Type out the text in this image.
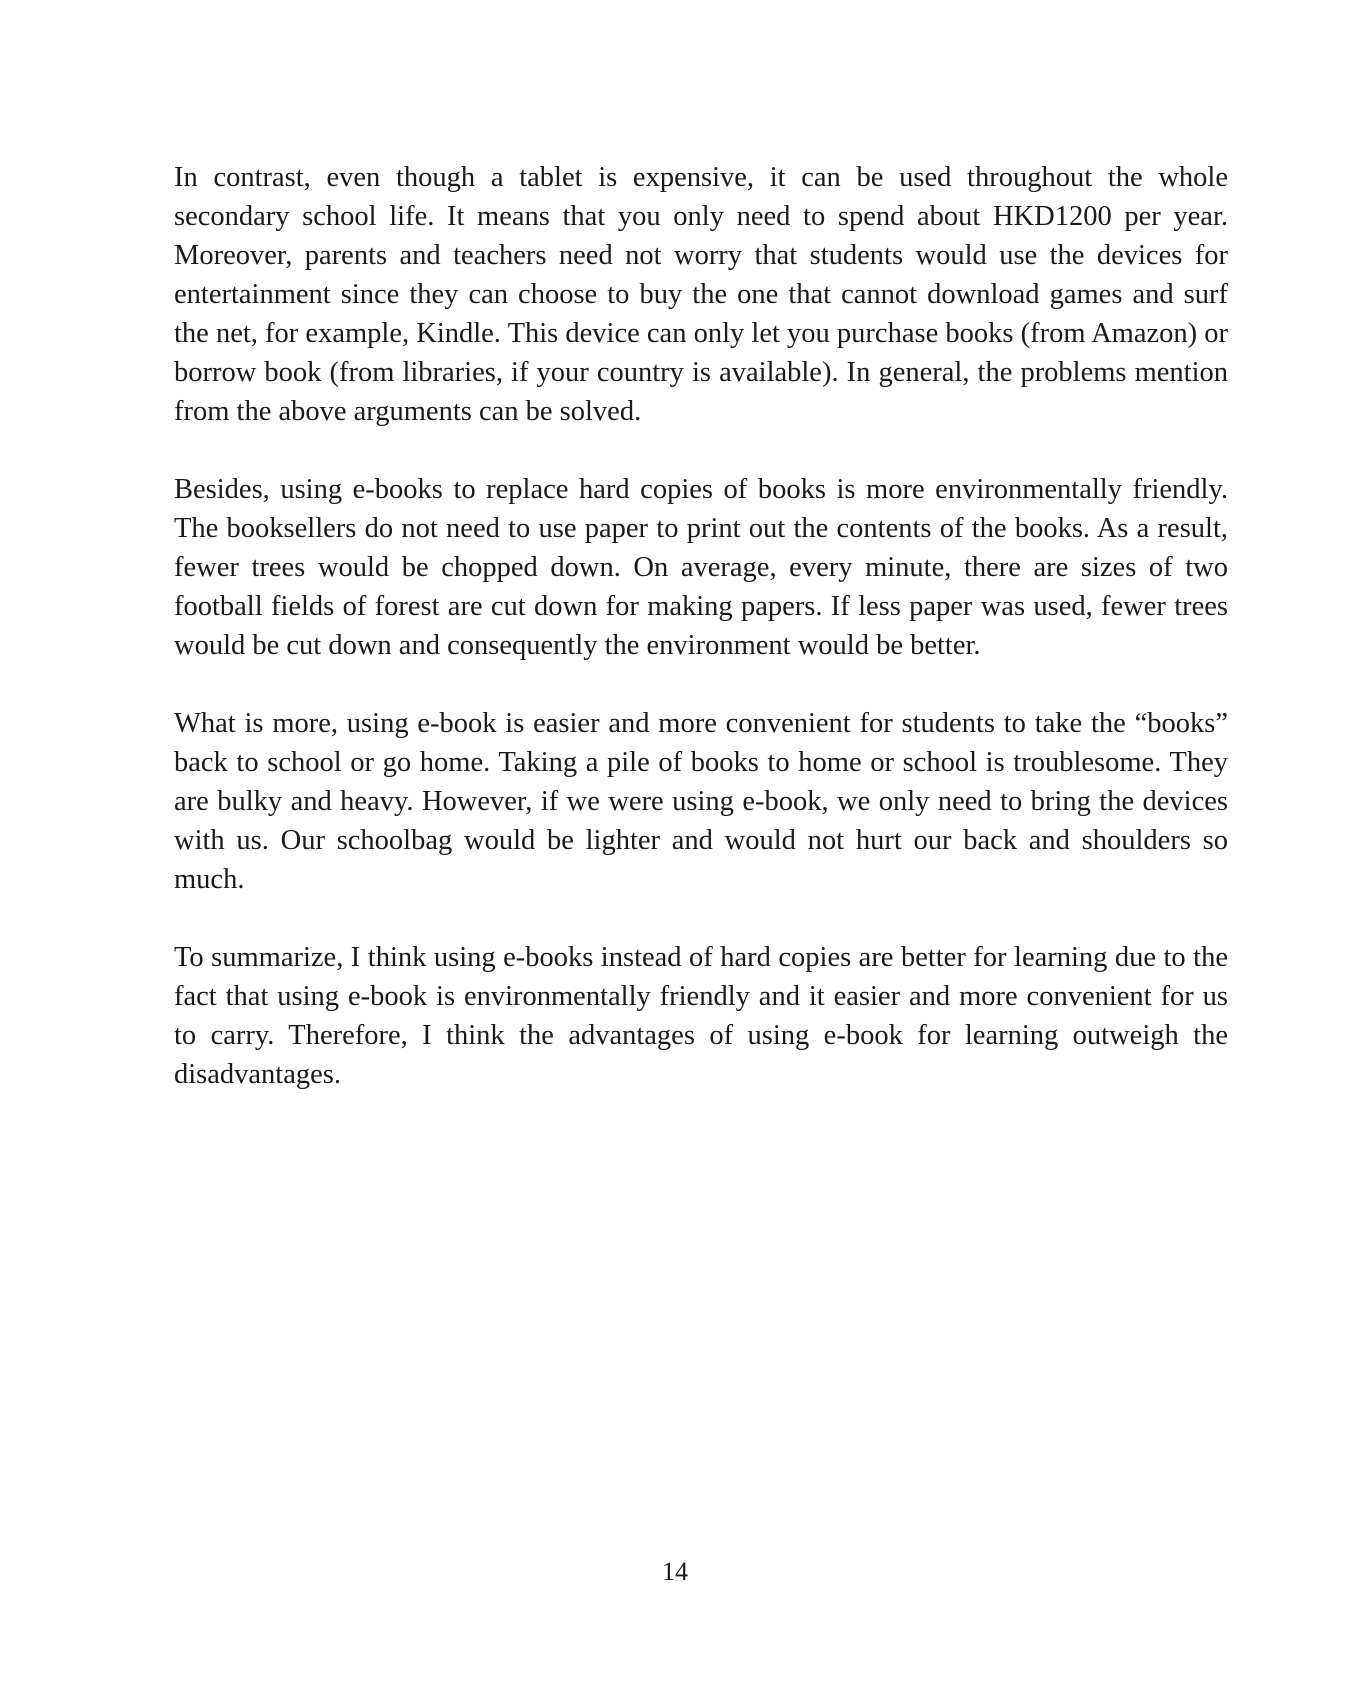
In contrast, even though a tablet is expensive, it can be used throughout the whole secondary school life. It means that you only need to spend about HKD1200 per year. Moreover, parents and teachers need not worry that students would use the devices for entertainment since they can choose to buy the one that cannot download games and surf the net, for example, Kindle. This device can only let you purchase books (from Amazon) or borrow book (from libraries, if your country is available). In general, the problems mention from the above arguments can be solved.

Besides, using e-books to replace hard copies of books is more environmentally friendly. The booksellers do not need to use paper to print out the contents of the books. As a result, fewer trees would be chopped down. On average, every minute, there are sizes of two football fields of forest are cut down for making papers. If less paper was used, fewer trees would be cut down and consequently the environment would be better.

What is more, using e-book is easier and more convenient for students to take the “books” back to school or go home. Taking a pile of books to home or school is troublesome. They are bulky and heavy. However, if we were using e-book, we only need to bring the devices with us. Our schoolbag would be lighter and would not hurt our back and shoulders so much.

To summarize, I think using e-books instead of hard copies are better for learning due to the fact that using e-book is environmentally friendly and it easier and more convenient for us to carry. Therefore, I think the advantages of using e-book for learning outweigh the disadvantages.

14
